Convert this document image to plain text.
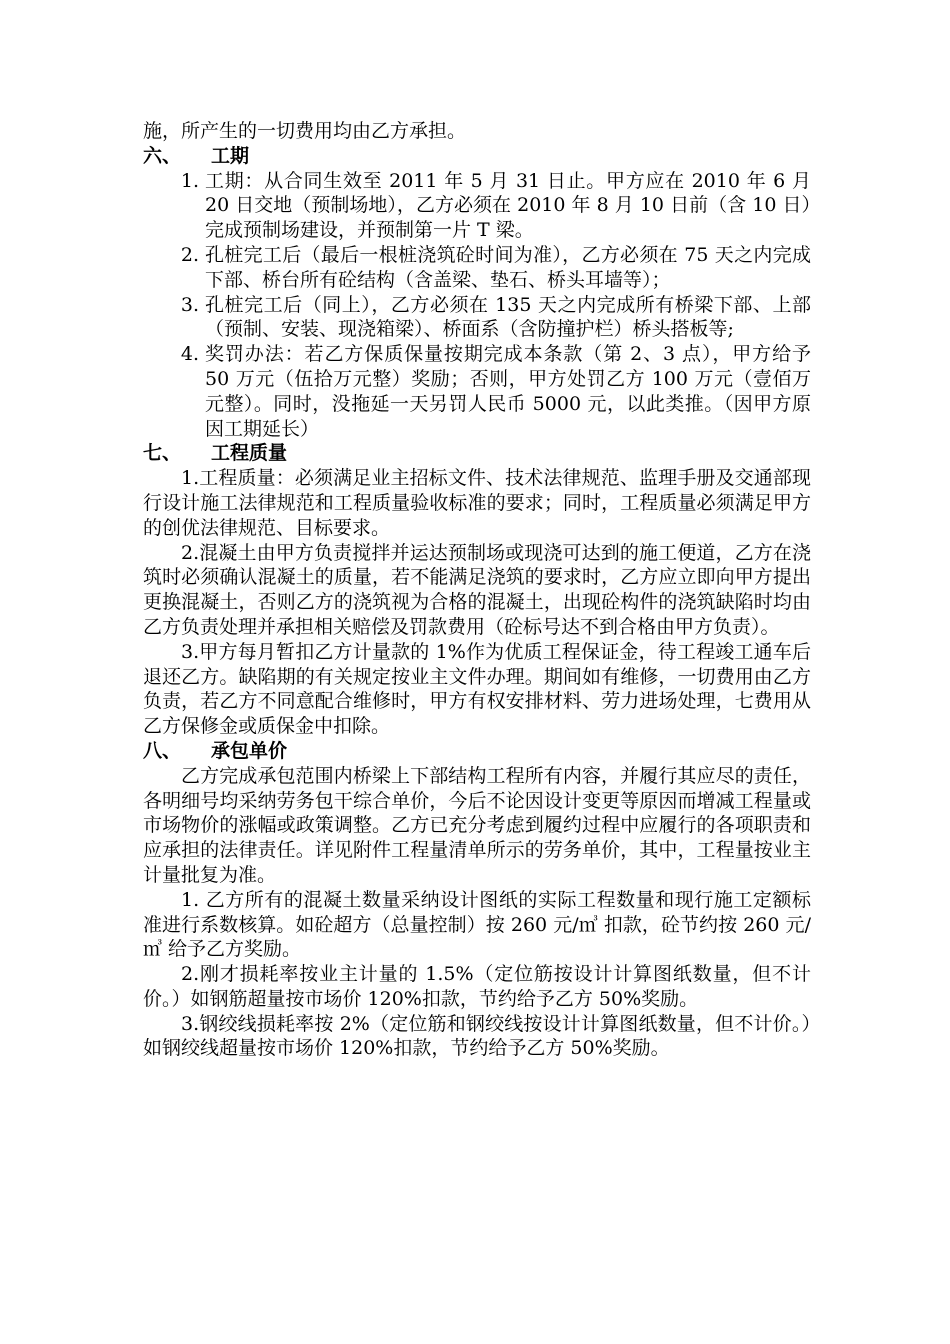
施，所产生的一切费用均由乙方承担。

六、	工期
1. 工期：从合同生效至 2011 年 5 月 31 日止。甲方应在 2010 年 6 月 20 日交地（预制场地），乙方必须在 2010 年 8 月 10 日前（含 10 日）完成预制场建设，并预制第一片 T 梁。
2. 孔桩完工后（最后一根桩浇筑砼时间为准），乙方必须在 75 天之内完成下部、桥台所有砼结构（含盖梁、垫石、桥头耳墙等）；
3. 孔桩完工后（同上），乙方必须在 135 天之内完成所有桥梁下部、上部（预制、安装、现浇箱梁）、桥面系（含防撞护栏）桥头搭板等;
4. 奖罚办法：若乙方保质保量按期完成本条款（第 2、3 点），甲方给予 50 万元（伍拾万元整）奖励；否则，甲方处罚乙方 100 万元（壹佰万元整）。同时，没拖延一天另罚人民币 5000 元，以此类推。（因甲方原因工期延长）
七、	工程质量

1.工程质量：必须满足业主招标文件、技术法律规范、监理手册及交通部现行设计施工法律规范和工程质量验收标准的要求；同时，工程质量必须满足甲方的创优法律规范、目标要求。

2.混凝土由甲方负责搅拌并运达预制场或现浇可达到的施工便道，乙方在浇筑时必须确认混凝土的质量，若不能满足浇筑的要求时，乙方应立即向甲方提出更换混凝土，否则乙方的浇筑视为合格的混凝土，出现砼构件的浇筑缺陷时均由乙方负责处理并承担相关赔偿及罚款费用（砼标号达不到合格由甲方负责）。

3.甲方每月暂扣乙方计量款的 1%作为优质工程保证金，待工程竣工通车后退还乙方。缺陷期的有关规定按业主文件办理。期间如有维修，一切费用由乙方负责，若乙方不同意配合维修时，甲方有权安排材料、劳力进场处理，七费用从乙方保修金或质保金中扣除。

八、	承包单价

乙方完成承包范围内桥梁上下部结构工程所有内容，并履行其应尽的责任，各明细号均采纳劳务包干综合单价，今后不论因设计变更等原因而增减工程量或市场物价的涨幅或政策调整。乙方已充分考虑到履约过程中应履行的各项职责和应承担的法律责任。详见附件工程量清单所示的劳务单价，其中，工程量按业主计量批复为准。

1. 乙方所有的混凝土数量采纳设计图纸的实际工程数量和现行施工定额标准进行系数核算。如砼超方（总量控制）按 260 元/㎥ 扣款，砼节约按 260 元/㎥ 给予乙方奖励。

2.刚才损耗率按业主计量的 1.5%（定位筋按设计计算图纸数量，但不计价。）如钢筋超量按市场价 120%扣款，节约给予乙方 50%奖励。

3.钢绞线损耗率按 2%（定位筋和钢绞线按设计计算图纸数量，但不计价。）如钢绞线超量按市场价 120%扣款，节约给予乙方 50%奖励。
